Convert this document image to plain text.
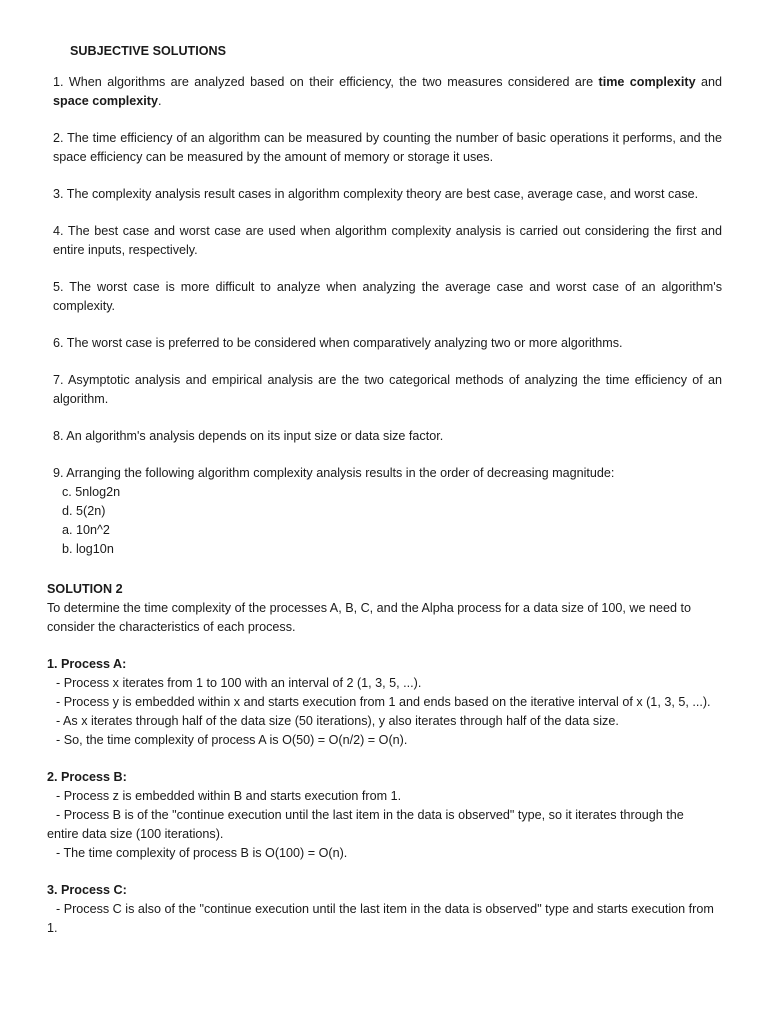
SUBJECTIVE SOLUTIONS
1. When algorithms are analyzed based on their efficiency, the two measures considered are time complexity and space complexity.
2. The time efficiency of an algorithm can be measured by counting the number of basic operations it performs, and the space efficiency can be measured by the amount of memory or storage it uses.
3. The complexity analysis result cases in algorithm complexity theory are best case, average case, and worst case.
4. The best case and worst case are used when algorithm complexity analysis is carried out considering the first and entire inputs, respectively.
5. The worst case is more difficult to analyze when analyzing the average case and worst case of an algorithm's complexity.
6. The worst case is preferred to be considered when comparatively analyzing two or more algorithms.
7. Asymptotic analysis and empirical analysis are the two categorical methods of analyzing the time efficiency of an algorithm.
8. An algorithm's analysis depends on its input size or data size factor.
9. Arranging the following algorithm complexity analysis results in the order of decreasing magnitude:
c. 5nlog2n
d. 5(2n)
a. 10n^2
b. log10n
SOLUTION 2
To determine the time complexity of the processes A, B, C, and the Alpha process for a data size of 100, we need to consider the characteristics of each process.
1. Process A:
- Process x iterates from 1 to 100 with an interval of 2 (1, 3, 5, ...).
- Process y is embedded within x and starts execution from 1 and ends based on the iterative interval of x (1, 3, 5, ...).
- As x iterates through half of the data size (50 iterations), y also iterates through half of the data size.
- So, the time complexity of process A is O(50) = O(n/2) = O(n).
2. Process B:
- Process z is embedded within B and starts execution from 1.
- Process B is of the "continue execution until the last item in the data is observed" type, so it iterates through the entire data size (100 iterations).
- The time complexity of process B is O(100) = O(n).
3. Process C:
- Process C is also of the "continue execution until the last item in the data is observed" type and starts execution from 1.
